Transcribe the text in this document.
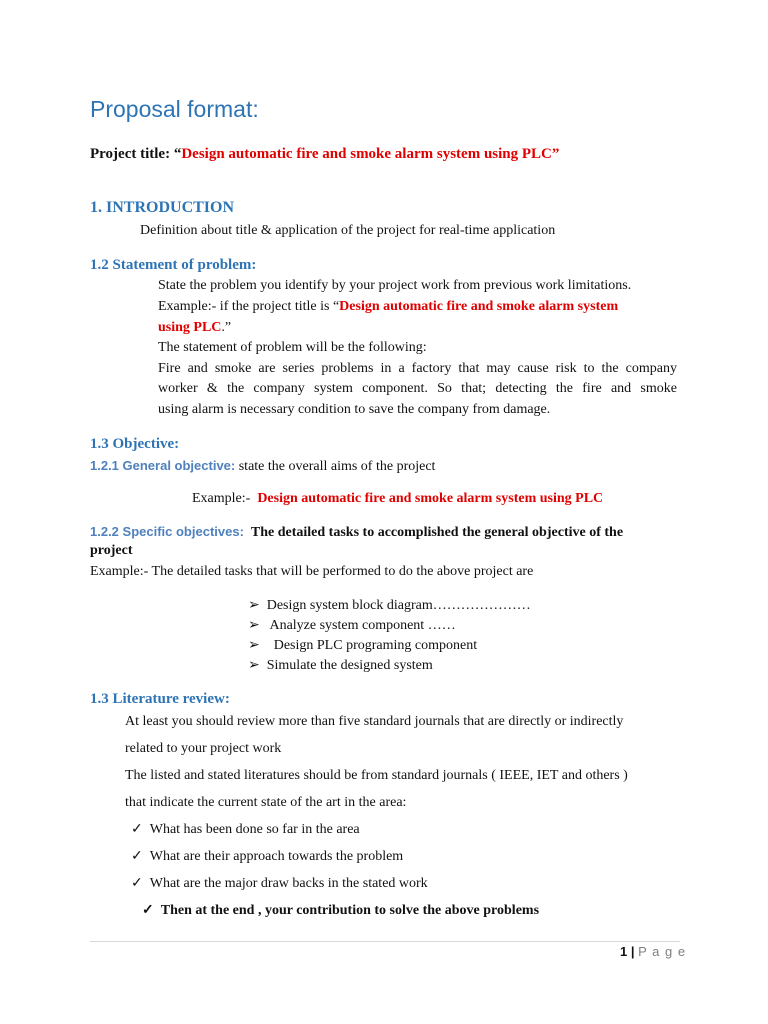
Proposal format:
Project title: “Design automatic fire and smoke alarm system using PLC”
1. INTRODUCTION
Definition about title & application of the project for real-time application
1.2 Statement of problem:
State the problem you identify by your project work from previous work limitations.
Example:- if the project title is “Design automatic fire and smoke alarm system
using PLC.”
The statement of problem will be the following:
Fire and smoke are series problems in a factory that may cause risk to the company
worker & the company system component. So that; detecting the fire and smoke
using alarm is necessary condition to save the company from damage.
1.3 Objective:
1.2.1 General objective: state the overall aims of the project
Example:- Design automatic fire and smoke alarm system using PLC
1.2.2 Specific objectives: The detailed tasks to accomplished the general objective of the
project
Example:- The detailed tasks that will be performed to do the above project are
➢ Design system block diagram…………………
➢   Analyze system component ……
➢    Design PLC programing component
➢ Simulate the designed system
1.3 Literature review:
At least you should review more than five standard journals that are directly or indirectly
related to your project work
The listed and stated literatures should be from standard journals ( IEEE, IET and others )
that indicate the current state of the art in the area:
✓ What has been done so far in the area
✓ What are their approach towards the problem
✓ What are the major draw backs in the stated work
✓ Then at the end , your contribution to solve the above problems
1 | P a g e
